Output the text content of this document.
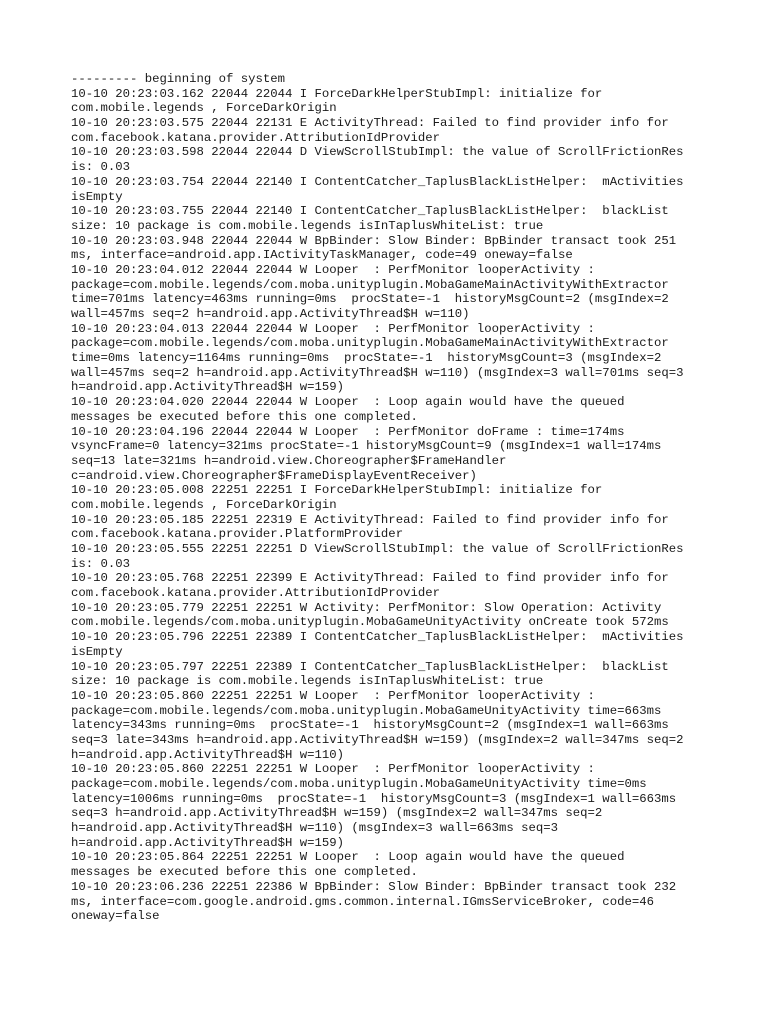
--------- beginning of system
10-10 20:23:03.162 22044 22044 I ForceDarkHelperStubImpl: initialize for
com.mobile.legends , ForceDarkOrigin
10-10 20:23:03.575 22044 22131 E ActivityThread: Failed to find provider info for
com.facebook.katana.provider.AttributionIdProvider
10-10 20:23:03.598 22044 22044 D ViewScrollStubImpl: the value of ScrollFrictionRes
is: 0.03
10-10 20:23:03.754 22044 22140 I ContentCatcher_TaplusBlackListHelper:  mActivities
isEmpty
10-10 20:23:03.755 22044 22140 I ContentCatcher_TaplusBlackListHelper:  blackList
size: 10 package is com.mobile.legends isInTaplusWhiteList: true
10-10 20:23:03.948 22044 22044 W BpBinder: Slow Binder: BpBinder transact took 251
ms, interface=android.app.IActivityTaskManager, code=49 oneway=false
10-10 20:23:04.012 22044 22044 W Looper  : PerfMonitor looperActivity :
package=com.mobile.legends/com.moba.unityplugin.MobaGameMainActivityWithExtractor
time=701ms latency=463ms running=0ms  procState=-1  historyMsgCount=2 (msgIndex=2
wall=457ms seq=2 h=android.app.ActivityThread$H w=110)
10-10 20:23:04.013 22044 22044 W Looper  : PerfMonitor looperActivity :
package=com.mobile.legends/com.moba.unityplugin.MobaGameMainActivityWithExtractor
time=0ms latency=1164ms running=0ms  procState=-1  historyMsgCount=3 (msgIndex=2
wall=457ms seq=2 h=android.app.ActivityThread$H w=110) (msgIndex=3 wall=701ms seq=3
h=android.app.ActivityThread$H w=159)
10-10 20:23:04.020 22044 22044 W Looper  : Loop again would have the queued
messages be executed before this one completed.
10-10 20:23:04.196 22044 22044 W Looper  : PerfMonitor doFrame : time=174ms
vsyncFrame=0 latency=321ms procState=-1 historyMsgCount=9 (msgIndex=1 wall=174ms
seq=13 late=321ms h=android.view.Choreographer$FrameHandler
c=android.view.Choreographer$FrameDisplayEventReceiver)
10-10 20:23:05.008 22251 22251 I ForceDarkHelperStubImpl: initialize for
com.mobile.legends , ForceDarkOrigin
10-10 20:23:05.185 22251 22319 E ActivityThread: Failed to find provider info for
com.facebook.katana.provider.PlatformProvider
10-10 20:23:05.555 22251 22251 D ViewScrollStubImpl: the value of ScrollFrictionRes
is: 0.03
10-10 20:23:05.768 22251 22399 E ActivityThread: Failed to find provider info for
com.facebook.katana.provider.AttributionIdProvider
10-10 20:23:05.779 22251 22251 W Activity: PerfMonitor: Slow Operation: Activity
com.mobile.legends/com.moba.unityplugin.MobaGameUnityActivity onCreate took 572ms
10-10 20:23:05.796 22251 22389 I ContentCatcher_TaplusBlackListHelper:  mActivities
isEmpty
10-10 20:23:05.797 22251 22389 I ContentCatcher_TaplusBlackListHelper:  blackList
size: 10 package is com.mobile.legends isInTaplusWhiteList: true
10-10 20:23:05.860 22251 22251 W Looper  : PerfMonitor looperActivity :
package=com.mobile.legends/com.moba.unityplugin.MobaGameUnityActivity time=663ms
latency=343ms running=0ms  procState=-1  historyMsgCount=2 (msgIndex=1 wall=663ms
seq=3 late=343ms h=android.app.ActivityThread$H w=159) (msgIndex=2 wall=347ms seq=2
h=android.app.ActivityThread$H w=110)
10-10 20:23:05.860 22251 22251 W Looper  : PerfMonitor looperActivity :
package=com.mobile.legends/com.moba.unityplugin.MobaGameUnityActivity time=0ms
latency=1006ms running=0ms  procState=-1  historyMsgCount=3 (msgIndex=1 wall=663ms
seq=3 h=android.app.ActivityThread$H w=159) (msgIndex=2 wall=347ms seq=2
h=android.app.ActivityThread$H w=110) (msgIndex=3 wall=663ms seq=3
h=android.app.ActivityThread$H w=159)
10-10 20:23:05.864 22251 22251 W Looper  : Loop again would have the queued
messages be executed before this one completed.
10-10 20:23:06.236 22251 22386 W BpBinder: Slow Binder: BpBinder transact took 232
ms, interface=com.google.android.gms.common.internal.IGmsServiceBroker, code=46
oneway=false
